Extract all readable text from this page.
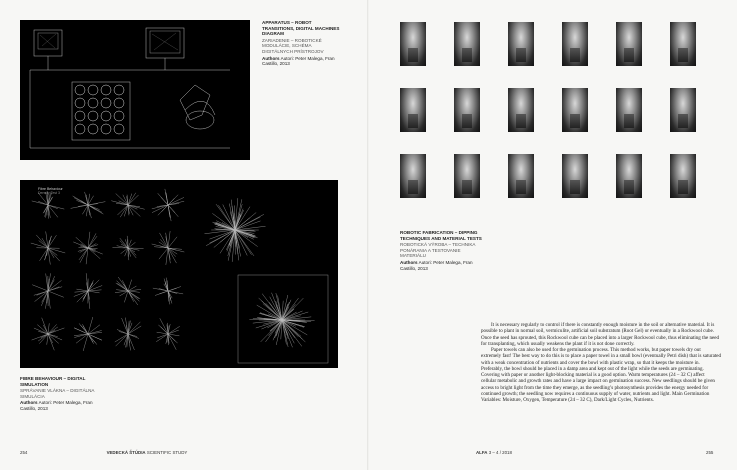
APPARATUS – ROBOT TRANSITIONS, DIGITAL MACHINES DIAGRAM
ZARIADENIE – ROBOTICKÉ MODULÁCIE, SCHÉMA DIGITÁLNYCH PRÍSTROJOV
Authors Autori: Peter Malega, Fran Castillo, 2013
Fibre Behaviour
Density Test 3
FIBRE BEHAVIOUR – DIGITAL SIMULATION
SPRÁVANIE VLÁKNA – DIGITÁLNA SIMULÁCIA
Authors Autori: Peter Malega, Fran Castillo, 2013
254	VEDECKÁ ŠTÚDIA SCIENTIFIC STUDY
ROBOTIC FABRICATION – DIPPING TECHNIQUES AND MATERIAL TESTS
ROBOTICKÁ VÝROBA – TECHNIKA PONÁRANIA A TESTOVANIE MATERIÁLU
Authors Autori: Peter Malega, Fran Castillo, 2013

It is necessary regularly to control if there is constantly enough moisture in the soil or alternative material. It is possible to plant in normal soil, vermiculite, artificial soil substratum (Root Gel) or eventually in a Rockwool cube. Once the seed has sprouted, this Rockwool cube can be placed into a larger Rockwool cube, thus eliminating the need for transplanting, which usually weakens the plant if it is not done correctly.

Paper towels can also be used for the germination process. This method works, but paper towels dry out extremely fast! The best way to do this is to place a paper towel in a small bowl (eventually Petri dish) that is saturated with a weak concentration of nutrients and cover the bowl with plastic wrap, so that it keeps the moisture in. Preferably, the bowl should be placed in a damp area and kept out of the light while the seeds are germinating. Covering with paper or another light-blocking material is a good option. Warm temperatures (24 – 32 C) affect cellular metabolic and growth rates and have a large impact on germination success. New seedlings should be given access to bright light from the time they emerge, as the seedling’s photosynthesis provides the energy needed for continued growth; the seedling now requires a continuous supply of water, nutrients and light. Main Germination Variables: Moisture, Oxygen, Temperature (24 – 32 C), Dark/Light Cycles, Nutrients.

ALFA 3 – 4 / 2018	255
